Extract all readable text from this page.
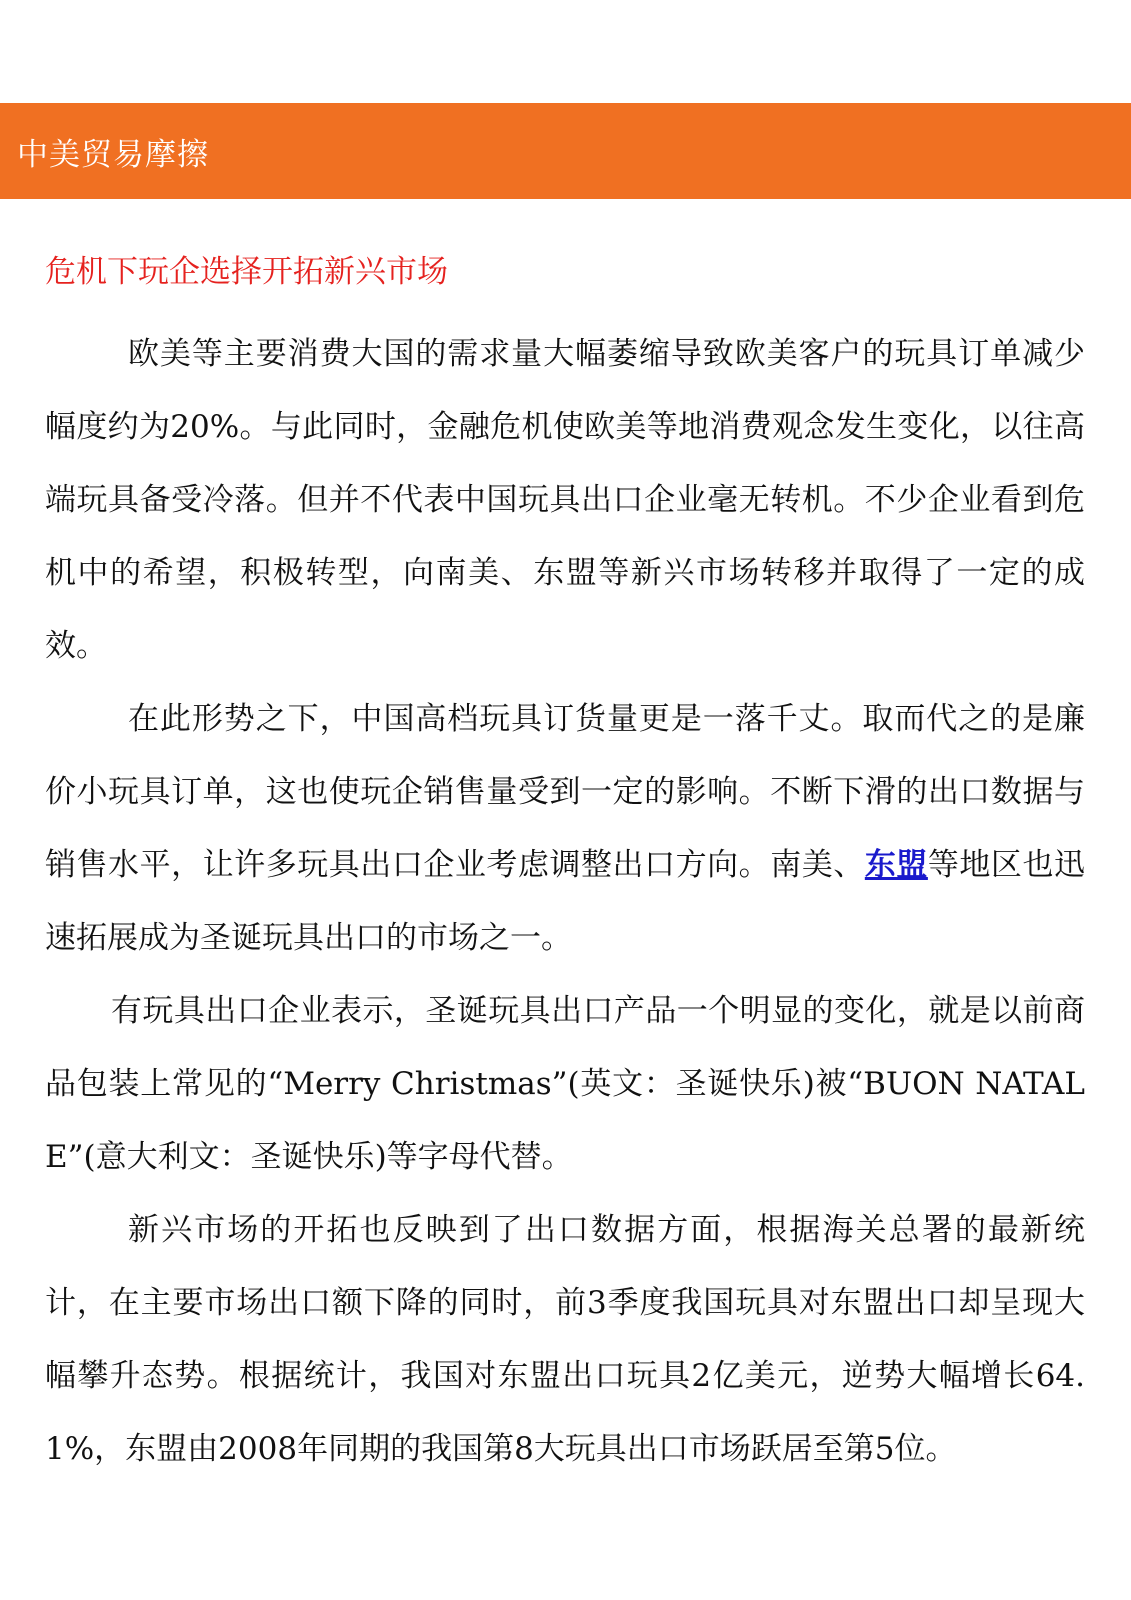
中美贸易摩擦
危机下玩企选择开拓新兴市场

欧美等主要消费大国的需求量大幅萎缩导致欧美客户的玩具订单减少幅度约为20%。与此同时，金融危机使欧美等地消费观念发生变化，以往高端玩具备受冷落。但并不代表中国玩具出口企业毫无转机。不少企业看到危机中的希望，积极转型，向南美、东盟等新兴市场转移并取得了一定的成效。

在此形势之下，中国高档玩具订货量更是一落千丈。取而代之的是廉价小玩具订单，这也使玩企销售量受到一定的影响。不断下滑的出口数据与销售水平，让许多玩具出口企业考虑调整出口方向。南美、东盟等地区也迅速拓展成为圣诞玩具出口的市场之一。

有玩具出口企业表示，圣诞玩具出口产品一个明显的变化，就是以前商品包装上常见的“Merry Christmas”(英文：圣诞快乐)被“BUON NATALE”(意大利文：圣诞快乐)等字母代替。

新兴市场的开拓也反映到了出口数据方面，根据海关总署的最新统计，在主要市场出口额下降的同时，前3季度我国玩具对东盟出口却呈现大幅攀升态势。根据统计，我国对东盟出口玩具2亿美元，逆势大幅增长64.1%，东盟由2008年同期的我国第8大玩具出口市场跃居至第5位。
